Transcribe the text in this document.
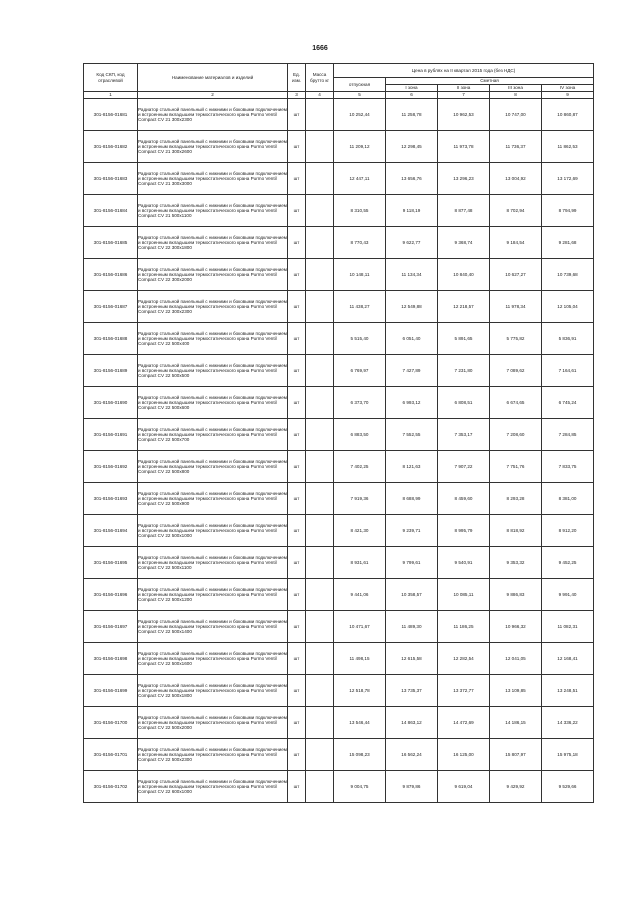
1666
Код СКП, код отраслевой	Наименование материалов и изделий	Ед. изм.	Масса брутто кг	Цена в рублях на II квартал 2015 года (без НДС)				
				отпускная	Сметная			
					I зона	II зона	III зона	IV зона
1	2	3	4	5	6	7	8	9
301-8156-01681	Радиатор стальной панельный с нижними и боковыми подключением и встроенным вкладышем термостатического крана Purmo Ventil Compact CV 21 300x2300	шт		10 252,44	11 258,78	10 962,53	10 747,00	10 860,87
301-8156-01682	Радиатор стальной панельный с нижними и боковыми подключением и встроенным вкладышем термостатического крана Purmo Ventil Compact CV 21 300x2600	шт		11 209,12	12 298,45	11 973,78	11 736,37	11 862,53
301-8156-01683	Радиатор стальной панельный с нижними и боковыми подключением и встроенным вкладышем термостатического крана Purmo Ventil Compact CV 21 300x3000	шт		12 447,11	13 656,76	13 296,23	13 004,92	13 172,69
301-8156-01684	Радиатор стальной панельный с нижними и боковыми подключением и встроенным вкладышем термостатического крана Purmo Ventil Compact CV 21 500x1100	шт		8 310,55	9 118,19	8 877,48	8 702,94	8 794,99
301-8156-01685	Радиатор стальной панельный с нижними и боковыми подключением и встроенным вкладышем термостатического крана Purmo Ventil Compact CV 22 300x1800	шт		8 770,43	9 622,77	9 368,74	9 184,54	9 281,68
301-8156-01686	Радиатор стальной панельный с нижними и боковыми подключением и встроенным вкладышем термостатического крана Purmo Ventil Compact CV 22 300x2000	шт		10 148,11	11 134,34	10 840,40	10 627,27	10 739,68
301-8156-01687	Радиатор стальной панельный с нижними и боковыми подключением и встроенным вкладышем термостатического крана Purmo Ventil Compact CV 22 300x2300	шт		11 438,27	12 549,88	12 218,57	11 978,34	12 105,04
301-8156-01688	Радиатор стальной панельный с нижними и боковыми подключением и встроенным вкладышем термостатического крана Purmo Ventil Compact CV 22 500x400	шт		5 515,40	6 051,40	5 891,65	5 775,82	5 836,91
301-8156-01689	Радиатор стальной панельный с нижними и боковыми подключением и встроенным вкладышем термостатического крана Purmo Ventil Compact CV 22 500x500	шт		6 769,97	7 427,89	7 231,80	7 089,62	7 164,61
301-8156-01690	Радиатор стальной панельный с нижними и боковыми подключением и встроенным вкладышем термостатического крана Purmo Ventil Compact CV 22 500x600	шт		6 373,70	6 993,12	6 808,51	6 674,65	6 745,24
301-8156-01691	Радиатор стальной панельный с нижними и боковыми подключением и встроенным вкладышем термостатического крана Purmo Ventil Compact CV 22 500x700	шт		6 883,50	7 552,55	7 353,17	7 208,60	7 284,85
301-8156-01692	Радиатор стальной панельный с нижними и боковыми подключением и встроенным вкладышем термостатического крана Purmo Ventil Compact CV 22 500x800	шт		7 402,25	8 121,63	7 907,22	7 751,76	7 833,75
301-8156-01693	Радиатор стальной панельный с нижними и боковыми подключением и встроенным вкладышем термостатического крана Purmo Ventil Compact CV 22 500x900	шт		7 919,36	8 688,99	8 459,60	8 293,28	8 381,00
301-8156-01694	Радиатор стальной панельный с нижними и боковыми подключением и встроенным вкладышем термостатического крана Purmo Ventil Compact CV 22 500x1000	шт		8 421,30	9 239,71	8 995,79	8 818,92	8 912,20
301-8156-01695	Радиатор стальной панельный с нижними и боковыми подключением и встроенным вкладышем термостатического крана Purmo Ventil Compact CV 22 500x1100	шт		8 931,61	9 799,61	9 540,91	9 353,32	9 452,25
301-8156-01696	Радиатор стальной панельный с нижними и боковыми подключением и встроенным вкладышем термостатического крана Purmo Ventil Compact CV 22 500x1200	шт		9 441,06	10 358,57	10 085,11	9 886,83	9 991,40
301-8156-01697	Радиатор стальной панельный с нижними и боковыми подключением и встроенным вкладышем термостатического крана Purmo Ventil Compact CV 22 500x1400	шт		10 471,67	11 489,30	11 186,25	10 966,32	11 082,31
301-8156-01698	Радиатор стальной панельный с нижними и боковыми подключением и встроенным вкладышем термостатического крана Purmo Ventil Compact CV 22 500x1600	шт		11 498,15	12 615,58	12 282,54	12 041,05	12 168,41
301-8156-01699	Радиатор стальной панельный с нижними и боковыми подключением и встроенным вкладышем термостатического крана Purmo Ventil Compact CV 22 500x1800	шт		12 518,78	13 735,37	13 372,77	13 109,85	13 248,51
301-8156-01700	Радиатор стальной панельный с нижними и боковыми подключением и встроенным вкладышем термостатического крана Purmo Ventil Compact CV 22 500x2000	шт		13 546,44	14 863,12	14 472,69	14 186,15	14 336,22
301-8156-01701	Радиатор стальной панельный с нижними и боковыми подключением и встроенным вкладышем термостатического крана Purmo Ventil Compact CV 22 500x2300	шт		15 098,23	16 562,24	16 125,00	15 807,97	15 975,18
301-8156-01702	Радиатор стальной панельный с нижними и боковыми подключением и встроенным вкладышем термостатического крана Purmo Ventil Compact CV 22 600x1000	шт		9 004,75	9 879,86	9 619,04	9 429,92	9 529,66
